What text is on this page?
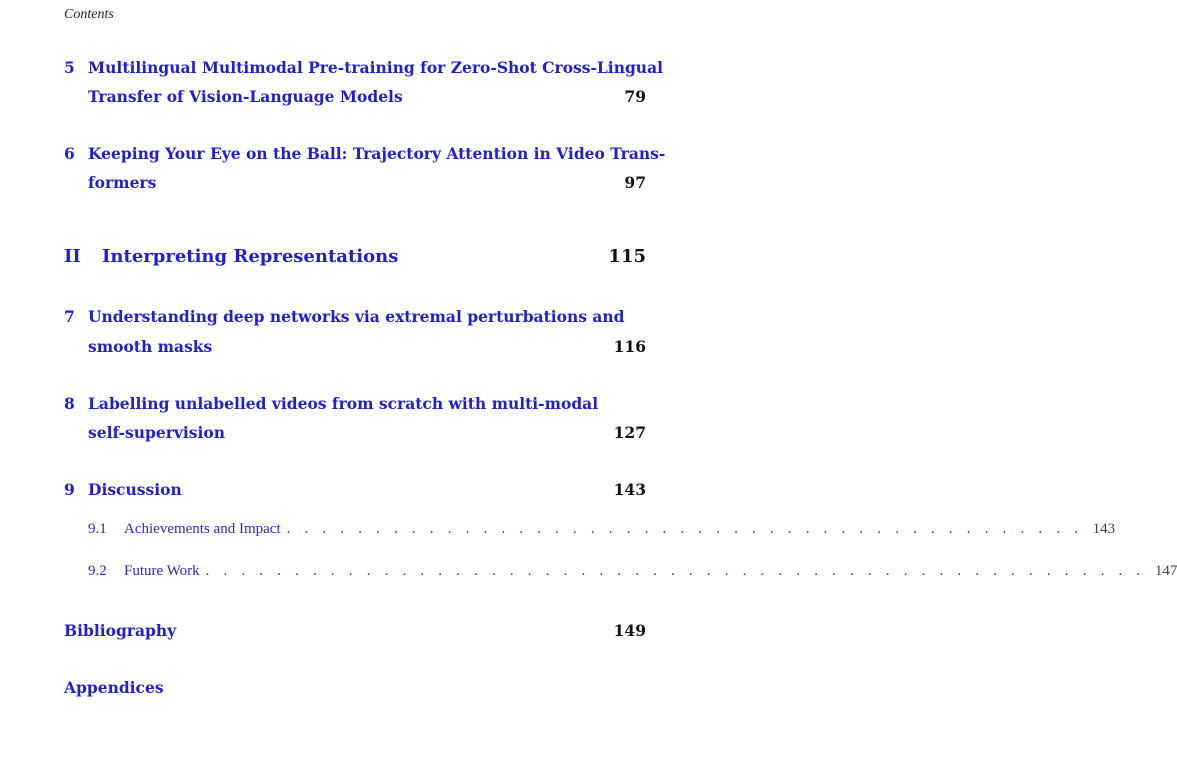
Contents
5 Multilingual Multimodal Pre-training for Zero-Shot Cross-Lingual
Transfer of Vision-Language Models	79
6 Keeping Your Eye on the Ball: Trajectory Attention in Video Trans-
formers	97
II Interpreting Representations	115
7 Understanding deep networks via extremal perturbations and
smooth masks	116
8 Labelling unlabelled videos from scratch with multi-modal
self-supervision	127
9 Discussion	143
9.1	Achievements and Impact . . . . . . . . . . . . . . . . . . . . . . . . . . . . . . . . . . . . . . . . . . . . . 143
9.2	Future Work . . . . . . . . . . . . . . . . . . . . . . . . . . . . . . . . . . . . . . . . . . . . . . . . . . . . . 147
Bibliography	149
Appendices
